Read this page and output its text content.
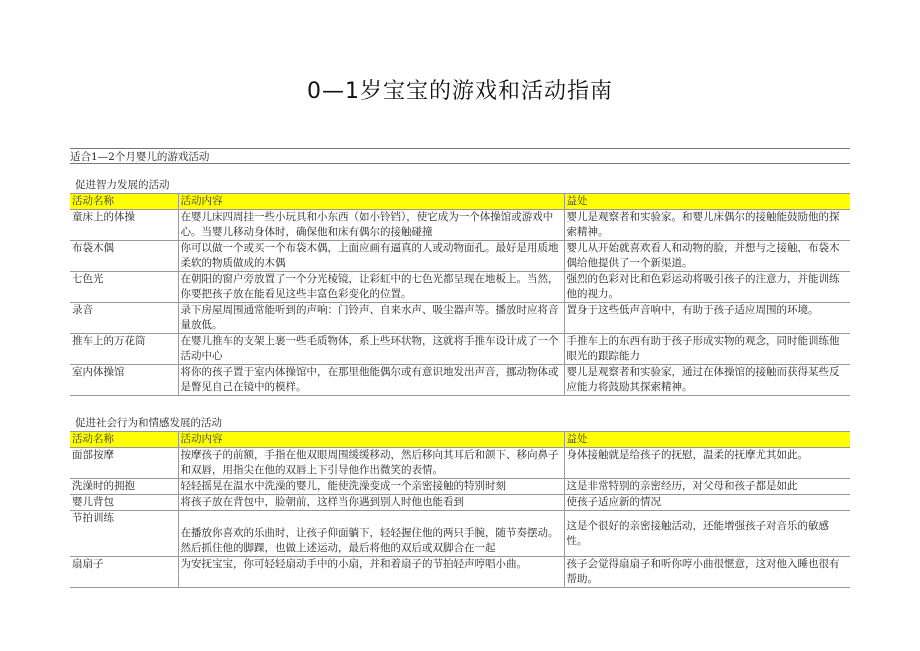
0—1岁宝宝的游戏和活动指南
适合1—2个月婴儿的游戏活动
促进智力发展的活动
活动名称	活动内容	益处
童床上的体操	在婴儿床四周挂一些小玩具和小东西（如小铃铛），使它成为一个体操馆或游戏中心。当婴儿移动身体时，确保他和床有偶尔的接触碰撞	婴儿是观察者和实验家。和婴儿床偶尔的接触能鼓励他的探索精神。
布袋木偶	你可以做一个或买一个布袋木偶，上面应画有逼真的人或动物面孔。最好是用质地柔软的物质做成的木偶	婴儿从开始就喜欢看人和动物的脸，并想与之接触，布袋木偶给他提供了一个新渠道。
七色光	在朝阳的窗户旁放置了一个分光棱镜，让彩虹中的七色光都呈现在地板上。当然，你要把孩子放在能看见这些丰富色彩变化的位置。	强烈的色彩对比和色彩运动将吸引孩子的注意力，并能训练他的视力。
录音	录下房屋周围通常能听到的声响：门铃声、自来水声、吸尘器声等。播放时应将音量放低。	置身于这些低声音响中，有助于孩子适应周围的环境。
推车上的万花筒	在婴儿推车的支架上裹一些毛质物体，系上些环状物，这就将手推车设计成了一个活动中心	手推车上的东西有助于孩子形成实物的观念，同时能训练他眼光的跟踪能力
室内体操馆	将你的孩子置于室内体操馆中，在那里他能偶尔或有意识地发出声音，挪动物体或是瞥见自己在镜中的模样。	婴儿是观察者和实验家，通过在体操馆的接触而获得某些反应能力将鼓励其探索精神。
促进社会行为和情感发展的活动
活动名称	活动内容	益处
面部按摩	按摩孩子的前额，手指在他双眼周围缓缓移动，然后移向其耳后和颌下、移向鼻子和双唇，用指尖在他的双唇上下引导他作出微笑的表情。	身体接触就是给孩子的抚慰，温柔的抚摩尤其如此。
洗澡时的拥抱	轻轻摇晃在温水中洗澡的婴儿，能使洗澡变成一个亲密接触的特别时刻	这是非常特别的亲密经历，对父母和孩子都是如此
婴儿背包	将孩子放在背包中，脸朝前，这样当你遇到别人时他也能看到	使孩子适应新的情况
节拍训练	在播放你喜欢的乐曲时，让孩子仰面躺下，轻轻握住他的两只手腕，随节奏摆动。然后抓住他的脚踝，也做上述运动，最后将他的双后或双脚合在一起	这是个很好的亲密接触活动，还能增强孩子对音乐的敏感性。
扇扇子	为安抚宝宝，你可轻轻扇动手中的小扇，并和着扇子的节拍轻声哼唱小曲。	孩子会觉得扇扇子和听你哼小曲很惬意，这对他入睡也很有帮助。
